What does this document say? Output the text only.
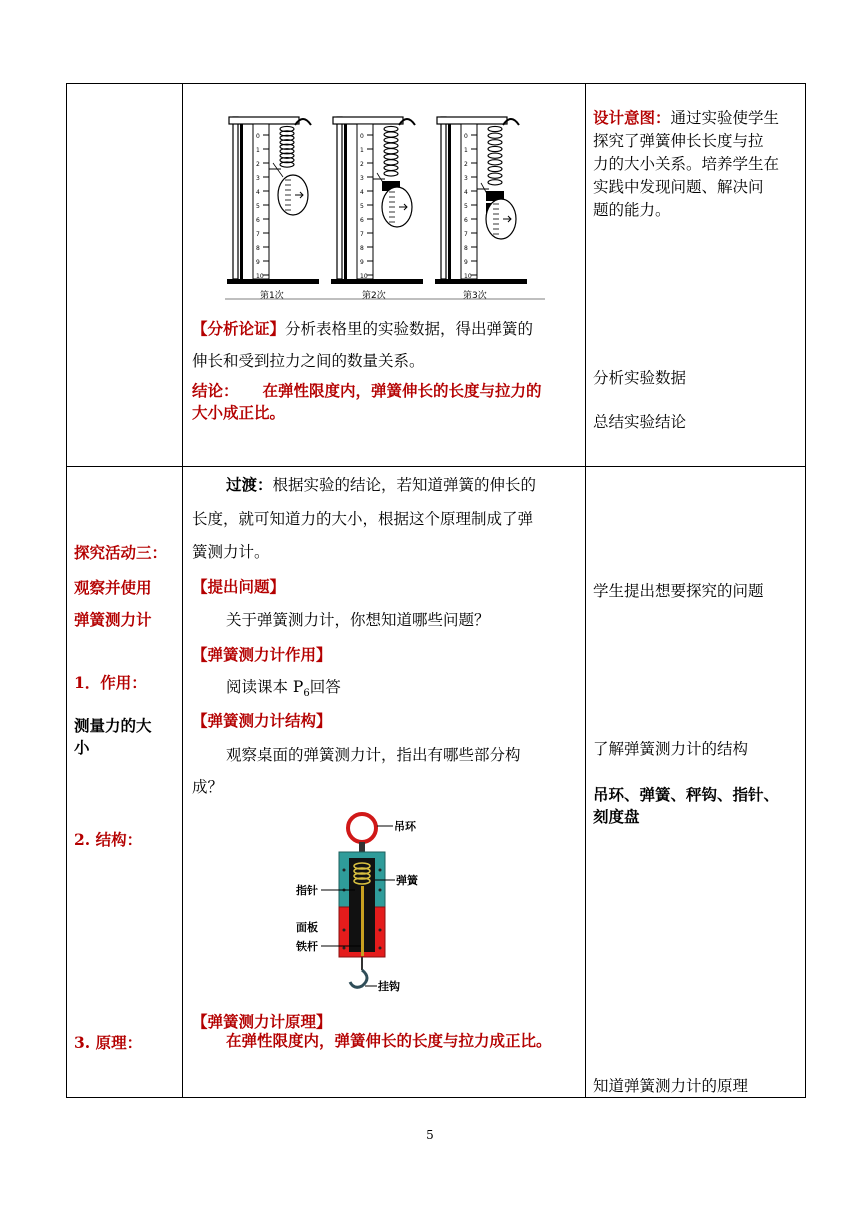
0
1
2
3
4
5
6
7
8
9
10
0
1
2
3
4
5
6
7
8
9
10
0
1
2
3
4
5
6
7
8
9
10
第1次	第2次	第3次
【分析论证】分析表格里的实验数据，得出弹簧的
伸长和受到拉力之间的数量关系。
结论： 在弹性限度内，弹簧伸长的长度与拉力的
大小成正比。
设计意图：通过实验使学生
探究了弹簧伸长长度与拉
力的大小关系。培养学生在
实践中发现问题、解决问
题的能力。
分析实验数据
总结实验结论
探究活动三：
观察并使用
弹簧测力计
1．作用：
测量力的大
小
2. 结构：
3. 原理：
过渡：根据实验的结论，若知道弹簧的伸长的
长度，就可知道力的大小，根据这个原理制成了弹
簧测力计。
【提出问题】
关于弹簧测力计，你想知道哪些问题？
【弹簧测力计作用】
阅读课本 $P_6$回答
【弹簧测力计结构】
观察桌面的弹簧测力计，指出有哪些部分构
成？
吊环
弹簧
指针
面板
铁杆
挂钩
【弹簧测力计原理】
在弹性限度内，弹簧伸长的长度与拉力成正比。
学生提出想要探究的问题
了解弹簧测力计的结构
吊环、弹簧、秤钩、指针、
刻度盘
知道弹簧测力计的原理
5
